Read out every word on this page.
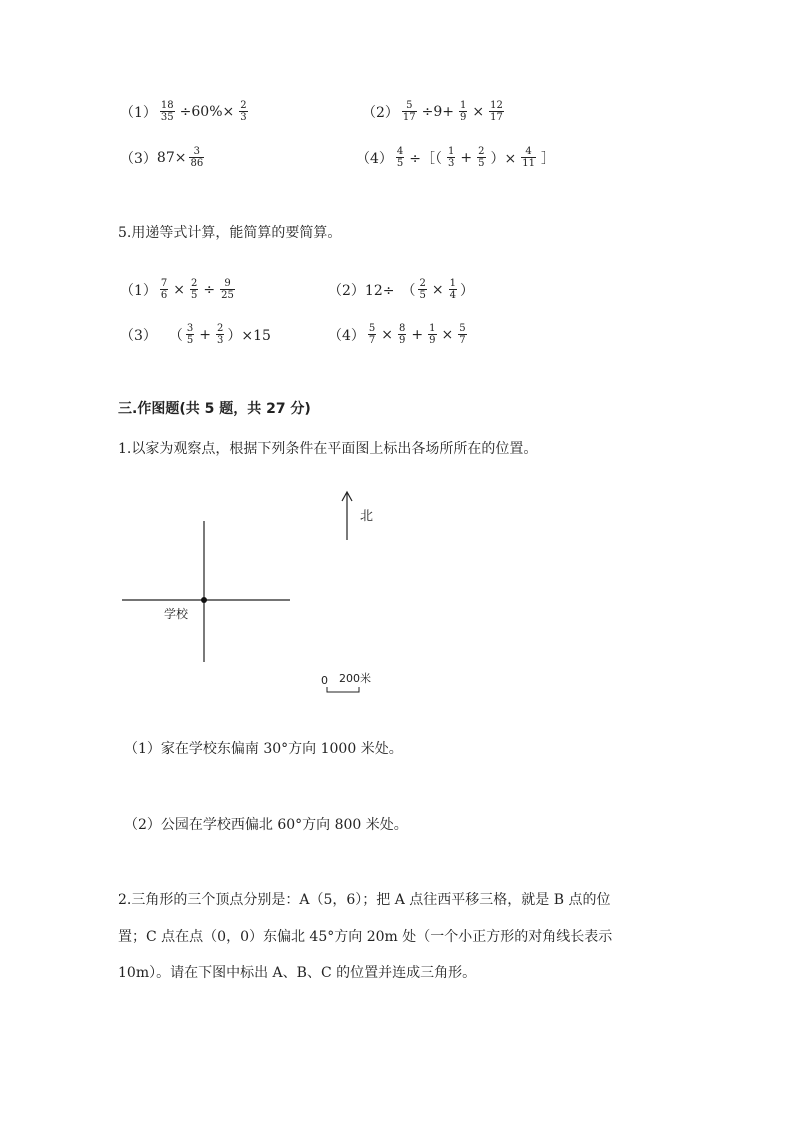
$(1) \frac{18}{35} \div 60\%\times \frac{2}{3}$	$(2) \frac{5}{17} \div 9+ \frac{1}{9} \times \frac{12}{17}$
（3） $87\times \frac{3}{86}$	$(4) \frac{4}{5}$ ÷［（ $\frac{1}{3} + \frac{2}{5}$ ）× $\frac{4}{11}$ ］
5.用递等式计算，能简算的要简算。
$(1) \frac{7}{6} \times \frac{2}{5} \div \frac{9}{25}$	（2） 12÷　（ $\frac{2}{5} \times \frac{1}{4}$ ）
（3） （ $\frac{3}{5} + \frac{2}{3} )\times 15$	$(4) \frac{5}{7} \times \frac{8}{9} + \frac{1}{9} \times \frac{5}{7}$
三.作图题(共 5 题，共 27 分)
1.以家为观察点，根据下列条件在平面图上标出各场所所在的位置。
北
学校
0 200米
（1）家在学校东偏南 30°方向 1000 米处。
（2）公园在学校西偏北 60°方向 800 米处。
2.三角形的三个顶点分别是：A（5，6）；把 A 点往西平移三格，就是 B 点的位
置；C 点在点（0，0）东偏北 45°方向 20m 处（一个小正方形的对角线长表示
10m）。请在下图中标出 A、B、C 的位置并连成三角形。
